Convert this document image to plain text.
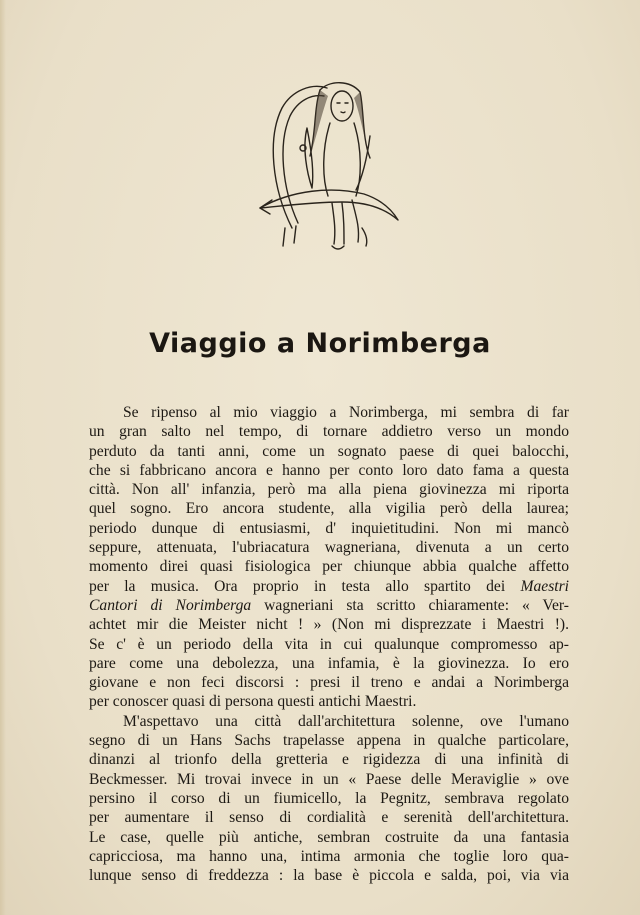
Viaggio a Norimberga
Se ripenso al mio viaggio a Norimberga, mi sembra di far
un gran salto nel tempo, di tornare addietro verso un mondo
perduto da tanti anni, come un sognato paese di quei balocchi,
che si fabbricano ancora e hanno per conto loro dato fama a questa
città. Non all' infanzia, però ma alla piena giovinezza mi riporta
quel sogno. Ero ancora studente, alla vigilia però della laurea;
periodo dunque di entusiasmi, d' inquietitudini. Non mi mancò
seppure, attenuata, l'ubriacatura wagneriana, divenuta a un certo
momento direi quasi fisiologica per chiunque abbia qualche affetto
per la musica. Ora proprio in testa allo spartito dei Maestri
Cantori di Norimberga wagneriani sta scritto chiaramente: « Ver-
achtet mir die Meister nicht ! » (Non mi disprezzate i Maestri !).
Se c' è un periodo della vita in cui qualunque compromesso ap-
pare come una debolezza, una infamia, è la giovinezza. Io ero
giovane e non feci discorsi : presi il treno e andai a Norimberga
per conoscer quasi di persona questi antichi Maestri.
M'aspettavo una città dall'architettura solenne, ove l'umano
segno di un Hans Sachs trapelasse appena in qualche particolare,
dinanzi al trionfo della gretteria e rigidezza di una infinità di
Beckmesser. Mi trovai invece in un « Paese delle Meraviglie » ove
persino il corso di un fiumicello, la Pegnitz, sembrava regolato
per aumentare il senso di cordialità e serenità dell'architettura.
Le case, quelle più antiche, sembran costruite da una fantasia
capricciosa, ma hanno una, intima armonia che toglie loro qua-
lunque senso di freddezza : la base è piccola e salda, poi, via via
